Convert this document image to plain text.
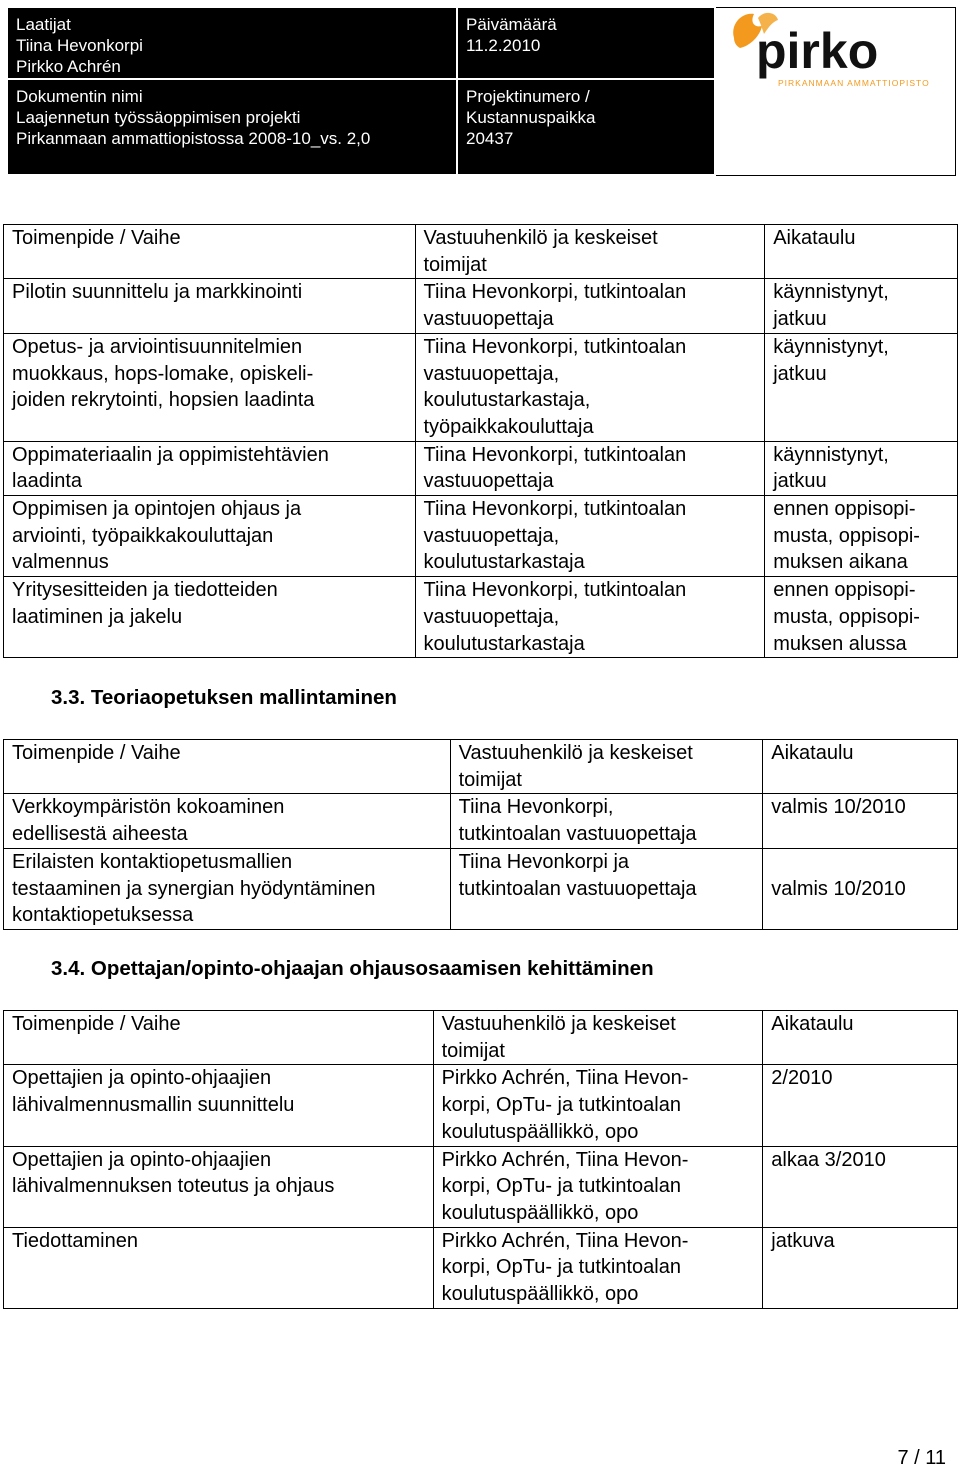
Laatijat
Tiina Hevonkorpi
Pirkko Achrén	Päivämäärä
11.2.2010	pirko
PIRKANMAAN AMMATTIOPISTO

Dokumentin nimi
Laajennetun työssäoppimisen projekti
Pirkanmaan ammattiopistossa 2008-10_vs. 2,0	Projektinumero /
Kustannuspaikka
20437	
Toimenpide / Vaihe	Vastuuhenkilö ja keskeiset toimijat	Aikataulu

Pilotin suunnittelu ja markkinointi	Tiina Hevonkorpi, tutkintoalan
vastuuopettaja	käynnistynyt,
jatkuu

Opetus- ja arviointisuunnitelmien
muokkaus, hops-lomake, opiskeli-
joiden rekrytointi, hopsien laadinta	Tiina Hevonkorpi, tutkintoalan
vastuuopettaja,
koulutustarkastaja,
työpaikkakouluttaja	käynnistynyt,
jatkuu

Oppimateriaalin ja oppimistehtävien
laadinta	Tiina Hevonkorpi, tutkintoalan
vastuuopettaja	käynnistynyt,
jatkuu

Oppimisen ja opintojen ohjaus ja
arviointi, työpaikkakouluttajan
valmennus	Tiina Hevonkorpi, tutkintoalan
vastuuopettaja,
koulutustarkastaja	ennen oppisopi-
musta, oppisopi-
muksen aikana

Yritysesitteiden ja tiedotteiden
laatiminen ja jakelu	Tiina Hevonkorpi, tutkintoalan
vastuuopettaja,
koulutustarkastaja	ennen oppisopi-
musta, oppisopi-
muksen alussa
3.3. Teoriaopetuksen mallintaminen
Toimenpide / Vaihe	Vastuuhenkilö ja keskeiset
toimijat	Aikataulu

Verkkoympäristön kokoaminen
edellisestä aiheesta	Tiina Hevonkorpi,
tutkintoalan vastuuopettaja	valmis 10/2010

Erilaisten kontaktiopetusmallien
testaaminen ja synergian hyödyntäminen
kontaktiopetuksessa	Tiina Hevonkorpi ja
tutkintoalan vastuuopettaja	valmis 10/2010
3.4. Opettajan/opinto-ohjaajan ohjausosaamisen kehittäminen
Toimenpide / Vaihe	Vastuuhenkilö ja keskeiset
toimijat	Aikataulu

Opettajien ja opinto-ohjaajien
lähivalmennusmallin suunnittelu	Pirkko Achrén, Tiina Hevon-
korpi, OpTu- ja tutkintoalan
koulutuspäällikkö, opo	2/2010

Opettajien ja opinto-ohjaajien
lähivalmennuksen toteutus ja ohjaus	Pirkko Achrén, Tiina Hevon-
korpi, OpTu- ja tutkintoalan
koulutuspäällikkö, opo	alkaa 3/2010

Tiedottaminen	Pirkko Achrén, Tiina Hevon-
korpi, OpTu- ja tutkintoalan
koulutuspäällikkö, opo	jatkuva
7 / 11
